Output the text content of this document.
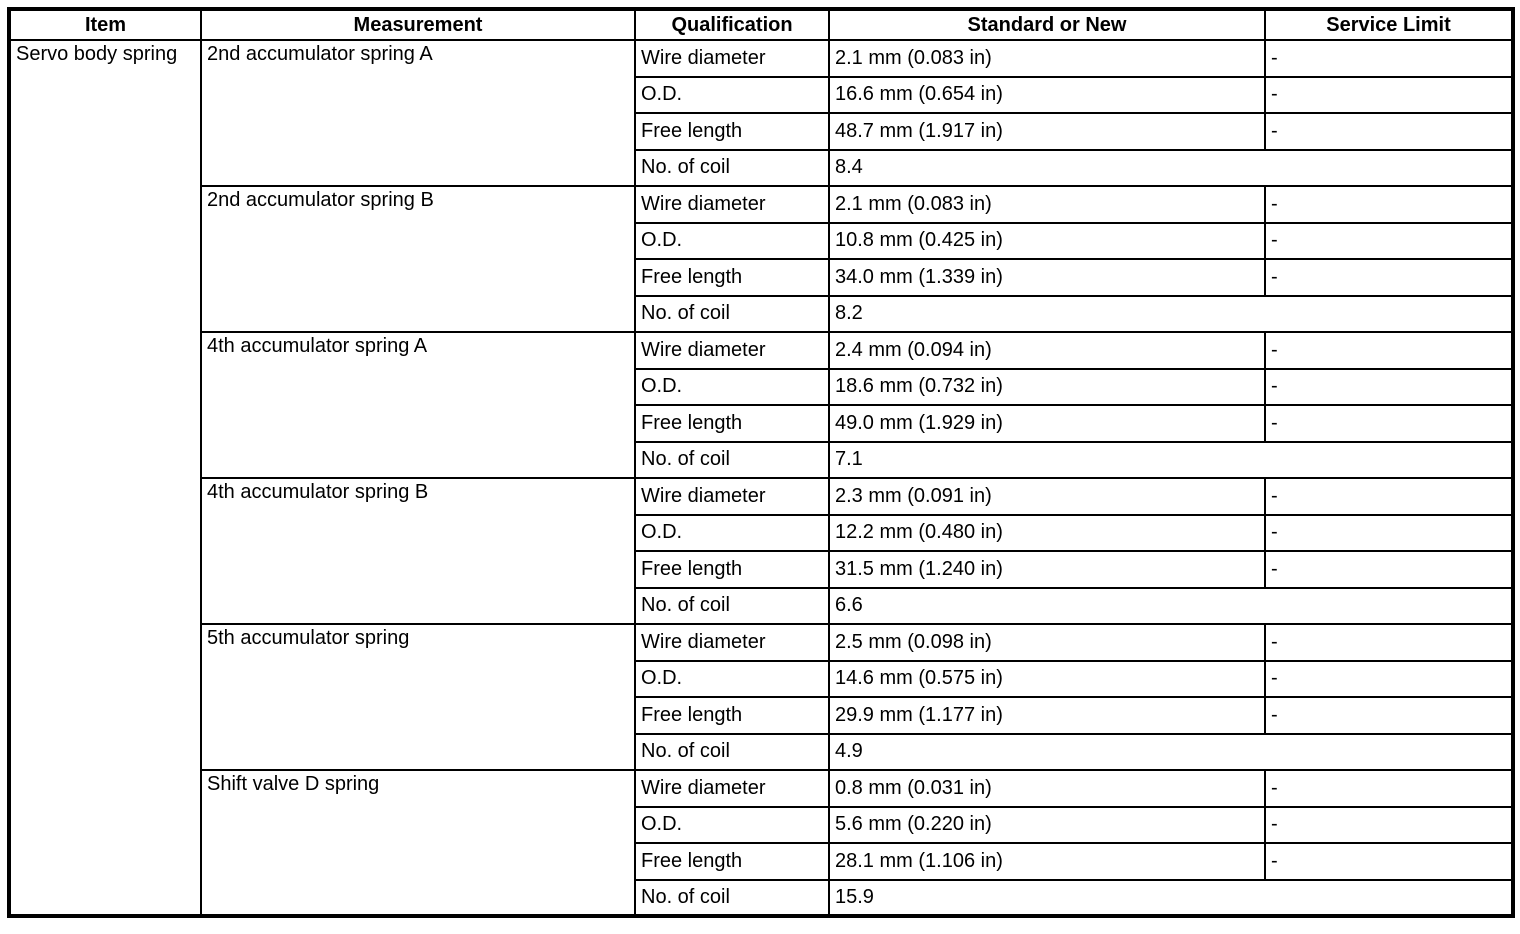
Item	Measurement	Qualification	Standard or New	Service Limit
Servo body spring	2nd accumulator spring A	Wire diameter	2.1 mm (0.083 in)	-
		O.D.	16.6 mm (0.654 in)	-
		Free length	48.7 mm (1.917 in)	-
		No. of coil	8.4	
	2nd accumulator spring B	Wire diameter	2.1 mm (0.083 in)	-
		O.D.	10.8 mm (0.425 in)	-
		Free length	34.0 mm (1.339 in)	-
		No. of coil	8.2	
	4th accumulator spring A	Wire diameter	2.4 mm (0.094 in)	-
		O.D.	18.6 mm (0.732 in)	-
		Free length	49.0 mm (1.929 in)	-
		No. of coil	7.1	
	4th accumulator spring B	Wire diameter	2.3 mm (0.091 in)	-
		O.D.	12.2 mm (0.480 in)	-
		Free length	31.5 mm (1.240 in)	-
		No. of coil	6.6	
	5th accumulator spring	Wire diameter	2.5 mm (0.098 in)	-
		O.D.	14.6 mm (0.575 in)	-
		Free length	29.9 mm (1.177 in)	-
		No. of coil	4.9	
	Shift valve D spring	Wire diameter	0.8 mm (0.031 in)	-
		O.D.	5.6 mm (0.220 in)	-
		Free length	28.1 mm (1.106 in)	-
		No. of coil	15.9	
